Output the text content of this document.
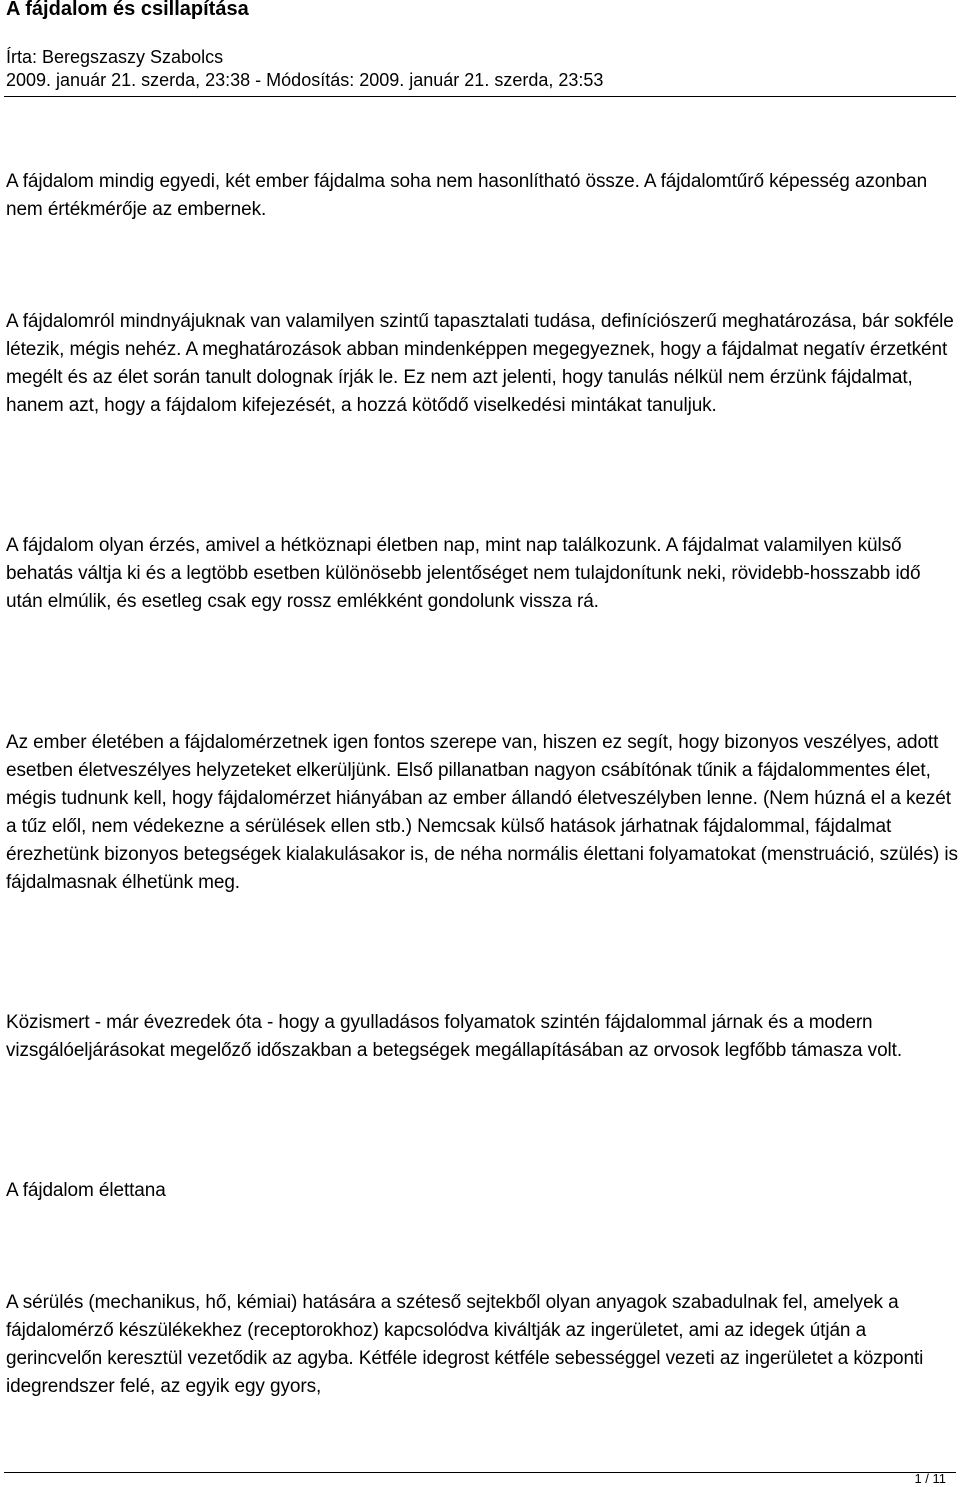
A fájdalom és csillapítása
Írta: Beregszaszy Szabolcs
2009. január 21. szerda, 23:38 - Módosítás: 2009. január 21. szerda, 23:53

A fájdalom mindig egyedi, két ember fájdalma soha nem hasonlítható össze. A fájdalomtűrő képesség azonban nem értékmérője az embernek.

A fájdalomról mindnyájuknak van valamilyen szintű tapasztalati tudása, definíciószerű meghatározása, bár sokféle létezik, mégis nehéz. A meghatározások abban mindenképpen megegyeznek, hogy a fájdalmat negatív érzetként megélt és az élet során tanult dolognak írják le. Ez nem azt jelenti, hogy tanulás nélkül nem érzünk fájdalmat, hanem azt, hogy a fájdalom kifejezését, a hozzá kötődő viselkedési mintákat tanuljuk.

A fájdalom olyan érzés, amivel a hétköznapi életben nap, mint nap találkozunk. A fájdalmat valamilyen külső behatás váltja ki és a legtöbb esetben különösebb jelentőséget nem tulajdonítunk neki, rövidebb-hosszabb idő után elmúlik, és esetleg csak egy rossz emlékként gondolunk vissza rá.

Az ember életében a fájdalomérzetnek igen fontos szerepe van, hiszen ez segít, hogy bizonyos veszélyes, adott esetben életveszélyes helyzeteket elkerüljünk. Első pillanatban nagyon csábítónak tűnik a fájdalommentes élet, mégis tudnunk kell, hogy fájdalomérzet hiányában az ember állandó életveszélyben lenne. (Nem húzná el a kezét a tűz elől, nem védekezne a sérülések ellen stb.) Nemcsak külső hatások járhatnak fájdalommal, fájdalmat érezhetünk bizonyos betegségek kialakulásakor is, de néha normális élettani folyamatokat (menstruáció, szülés) is fájdalmasnak élhetünk meg.

Közismert - már évezredek óta - hogy a gyulladásos folyamatok szintén fájdalommal járnak és a modern vizsgálóeljárásokat megelőző időszakban a betegségek megállapításában az orvosok legfőbb támasza volt.

A fájdalom élettana

A sérülés (mechanikus, hő, kémiai) hatására a széteső sejtekből olyan anyagok szabadulnak fel, amelyek a fájdalomérző készülékekhez (receptorokhoz) kapcsolódva kiváltják az ingerületet, ami az idegek útján a gerincvelőn keresztül vezetődik az agyba. Kétféle idegrost kétféle sebességgel vezeti az ingerületet a központi idegrendszer felé, az egyik egy gyors,

1 / 11
